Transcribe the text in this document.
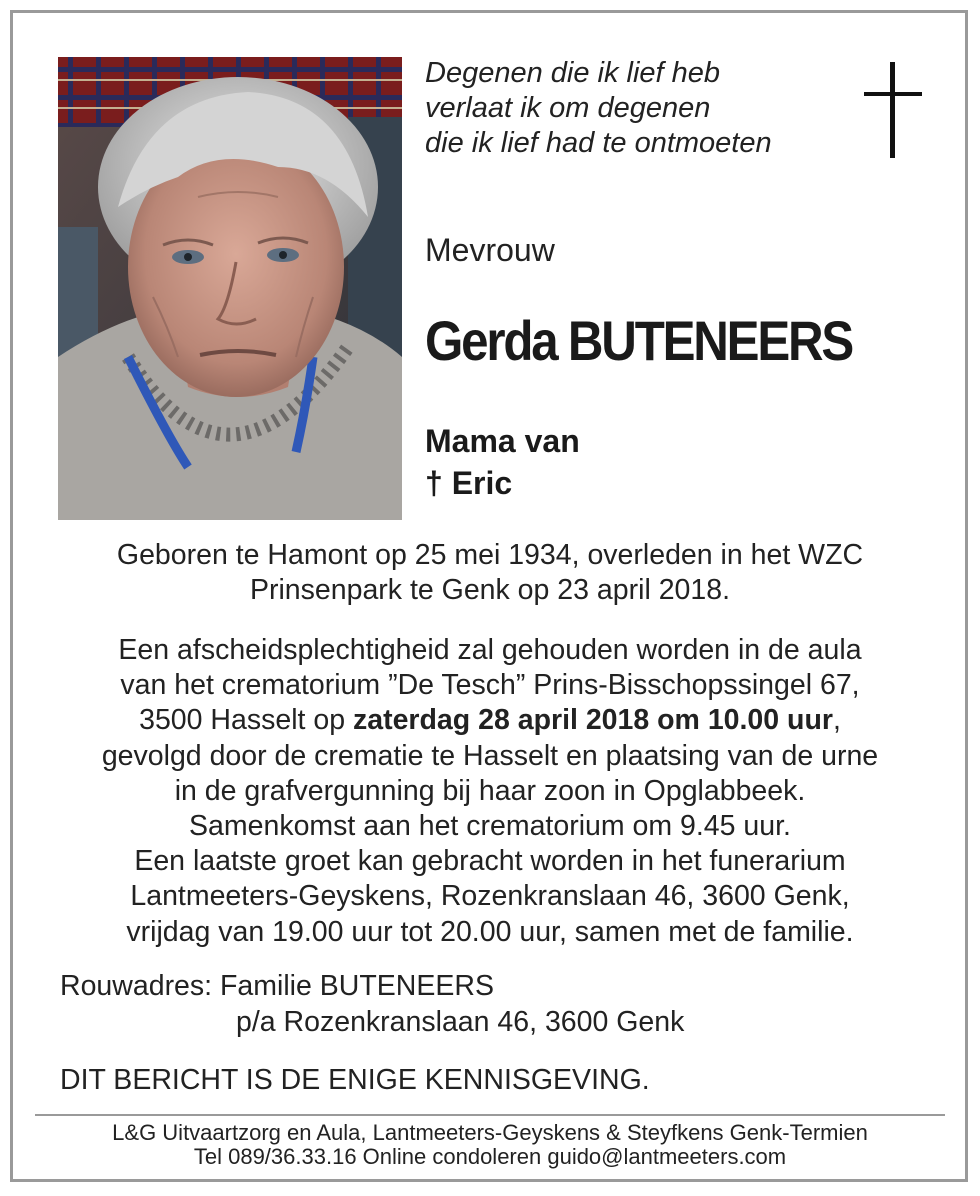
Degenen die ik lief heb
verlaat ik om degenen
die ik lief had te ontmoeten
Mevrouw
Gerda BUTENEERS
Mama van
† Eric
Geboren te Hamont op 25 mei 1934, overleden in het WZC
Prinsenpark te Genk op 23 april 2018.
Een afscheidsplechtigheid zal gehouden worden in de aula
van het crematorium ”De Tesch” Prins-Bisschopssingel 67,
3500 Hasselt op zaterdag 28 april 2018 om 10.00 uur,
gevolgd door de crematie te Hasselt en plaatsing van de urne
in de grafvergunning bij haar zoon in Opglabbeek.
Samenkomst aan het crematorium om 9.45 uur.
Een laatste groet kan gebracht worden in het funerarium
Lantmeeters-Geyskens, Rozenkranslaan 46, 3600 Genk,
vrijdag van 19.00 uur tot 20.00 uur, samen met de familie.
Rouwadres: Familie BUTENEERS
p/a Rozenkranslaan 46, 3600 Genk
DIT BERICHT IS DE ENIGE KENNISGEVING.
L&G Uitvaartzorg en Aula, Lantmeeters-Geyskens & Steyfkens Genk-Termien
Tel 089/36.33.16 Online condoleren guido@lantmeeters.com
